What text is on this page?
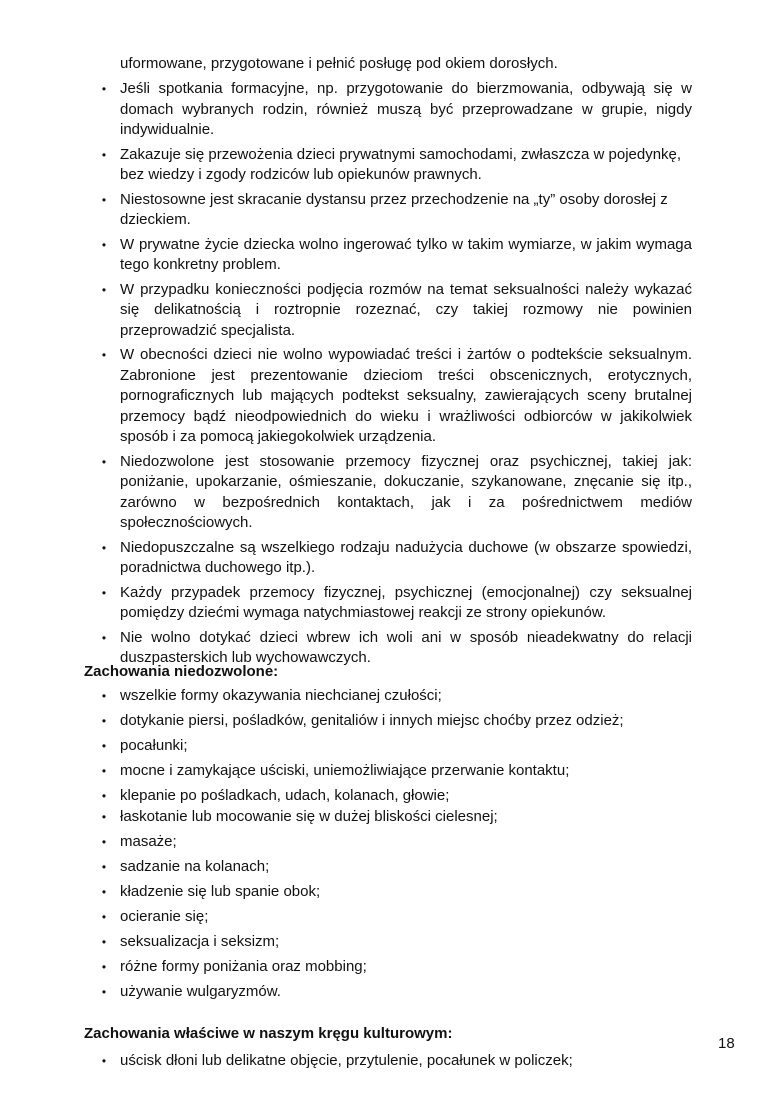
uformowane, przygotowane i pełnić posługę pod okiem dorosłych.

• Jeśli spotkania formacyjne, np. przygotowanie do bierzmowania, odbywają się w domach wybranych rodzin, również muszą być przeprowadzane w grupie, nigdy indywidualnie.
• Zakazuje się przewożenia dzieci prywatnymi samochodami, zwłaszcza w pojedynkę, bez wiedzy i zgody rodziców lub opiekunów prawnych.
• Niestosowne jest skracanie dystansu przez przechodzenie na „ty” osoby dorosłej z dzieckiem.
• W prywatne życie dziecka wolno ingerować tylko w takim wymiarze, w jakim wymaga tego konkretny problem.
• W przypadku konieczności podjęcia rozmów na temat seksualności należy wykazać się delikatnością i roztropnie rozeznać, czy takiej rozmowy nie powinien przeprowadzić specjalista.
• W obecności dzieci nie wolno wypowiadać treści i żartów o podtekście seksualnym. Zabronione jest prezentowanie dzieciom treści obscenicznych, erotycznych, pornograficznych lub mających podtekst seksualny, zawierających sceny brutalnej przemocy bądź nieodpowiednich do wieku i wrażliwości odbiorców w jakikolwiek sposób i za pomocą jakiegokolwiek urządzenia.
• Niedozwolone jest stosowanie przemocy fizycznej oraz psychicznej, takiej jak: poniżanie, upokarzanie, ośmieszanie, dokuczanie, szykanowane, znęcanie się itp., zarówno w bezpośrednich kontaktach, jak i za pośrednictwem mediów społecznościowych.
• Niedopuszczalne są wszelkiego rodzaju nadużycia duchowe (w obszarze spowiedzi, poradnictwa duchowego itp.).
• Każdy przypadek przemocy fizycznej, psychicznej (emocjonalnej) czy seksualnej pomiędzy dziećmi wymaga natychmiastowej reakcji ze strony opiekunów.
• Nie wolno dotykać dzieci wbrew ich woli ani w sposób nieadekwatny do relacji duszpasterskich lub wychowawczych.
Zachowania niedozwolone:
• wszelkie formy okazywania niechcianej czułości;
• dotykanie piersi, pośladków, genitaliów i innych miejsc choćby przez odzież;
• pocałunki;
• mocne i zamykające uściski, uniemożliwiające przerwanie kontaktu;
• klepanie po pośladkach, udach, kolanach, głowie;
• łaskotanie lub mocowanie się w dużej bliskości cielesnej;
• masaże;
• sadzanie na kolanach;
• kładzenie się lub spanie obok;
• ocieranie się;
• seksualizacja i seksizm;
• różne formy poniżania oraz mobbing;
• używanie wulgaryzmów.
Zachowania właściwe w naszym kręgu kulturowym:

18

• uścisk dłoni lub delikatne objęcie, przytulenie, pocałunek w policzek;
